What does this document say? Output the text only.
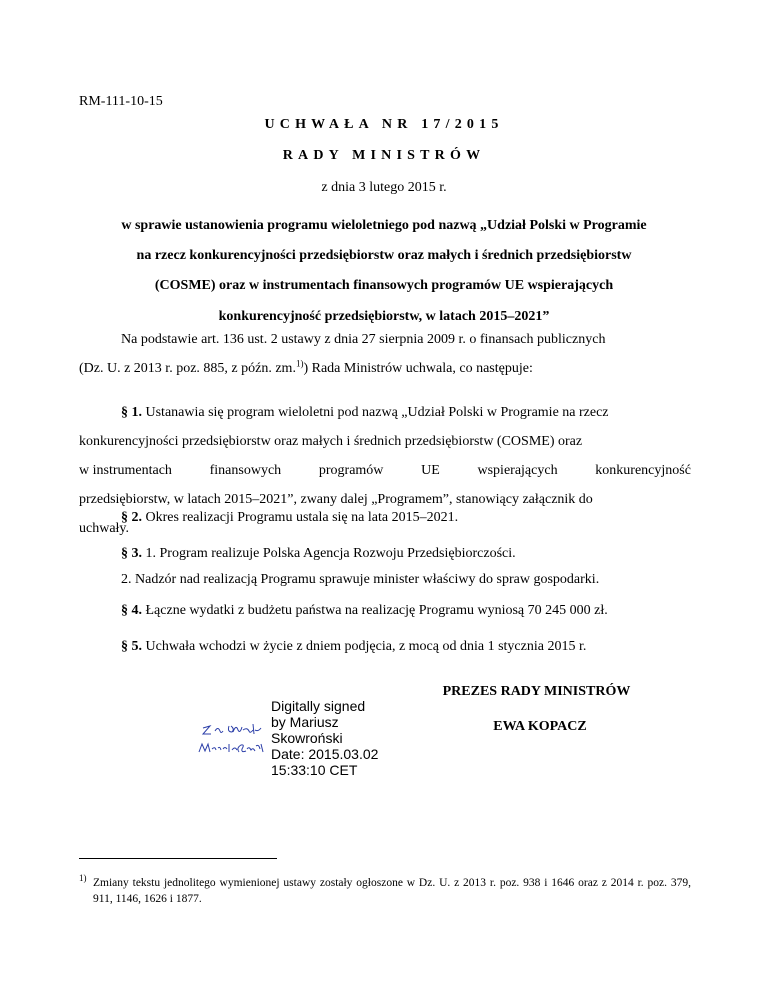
RM-111-10-15
UCHWAŁA NR 17/2015
RADY MINISTRÓW
z dnia 3 lutego 2015 r.
w sprawie ustanowienia programu wieloletniego pod nazwą „Udział Polski w Programie
na rzecz konkurencyjności przedsiębiorstw oraz małych i średnich przedsiębiorstw
(COSME) oraz w instrumentach finansowych programów UE wspierających
konkurencyjność przedsiębiorstw, w latach 2015–2021”
Na podstawie art. 136 ust. 2 ustawy z dnia 27 sierpnia 2009 r. o finansach publicznych
(Dz. U. z 2013 r. poz. 885, z późn. zm.$^{1)}$) Rada Ministrów uchwala, co następuje:
§ 1. Ustanawia się program wieloletni pod nazwą „Udział Polski w Programie na rzecz
konkurencyjności przedsiębiorstw oraz małych i średnich przedsiębiorstw (COSME) oraz
w instrumentach	finansowych	programów	UE	wspierających	konkurencyjność
przedsiębiorstw, w latach 2015–2021”, zwany dalej „Programem”, stanowiący załącznik do
uchwały.
§ 2. Okres realizacji Programu ustala się na lata 2015–2021.
§ 3. 1. Program realizuje Polska Agencja Rozwoju Przedsiębiorczości.
2. Nadzór nad realizacją Programu sprawuje minister właściwy do spraw gospodarki.
§ 4. Łączne wydatki z budżetu państwa na realizację Programu wyniosą 70 245 000 zł.
§ 5. Uchwała wchodzi w życie z dniem podjęcia, z mocą od dnia 1 stycznia 2015 r.
PREZES RADY MINISTRÓW
EWA KOPACZ
Digitally signed
by Mariusz
Skowroński
Date: 2015.03.02
15:33:10 CET
1) Zmiany tekstu jednolitego wymienionej ustawy zostały ogłoszone w Dz. U. z 2013 r. poz. 938 i 1646 oraz z 2014 r. poz. 379, 911, 1146, 1626 i 1877.
